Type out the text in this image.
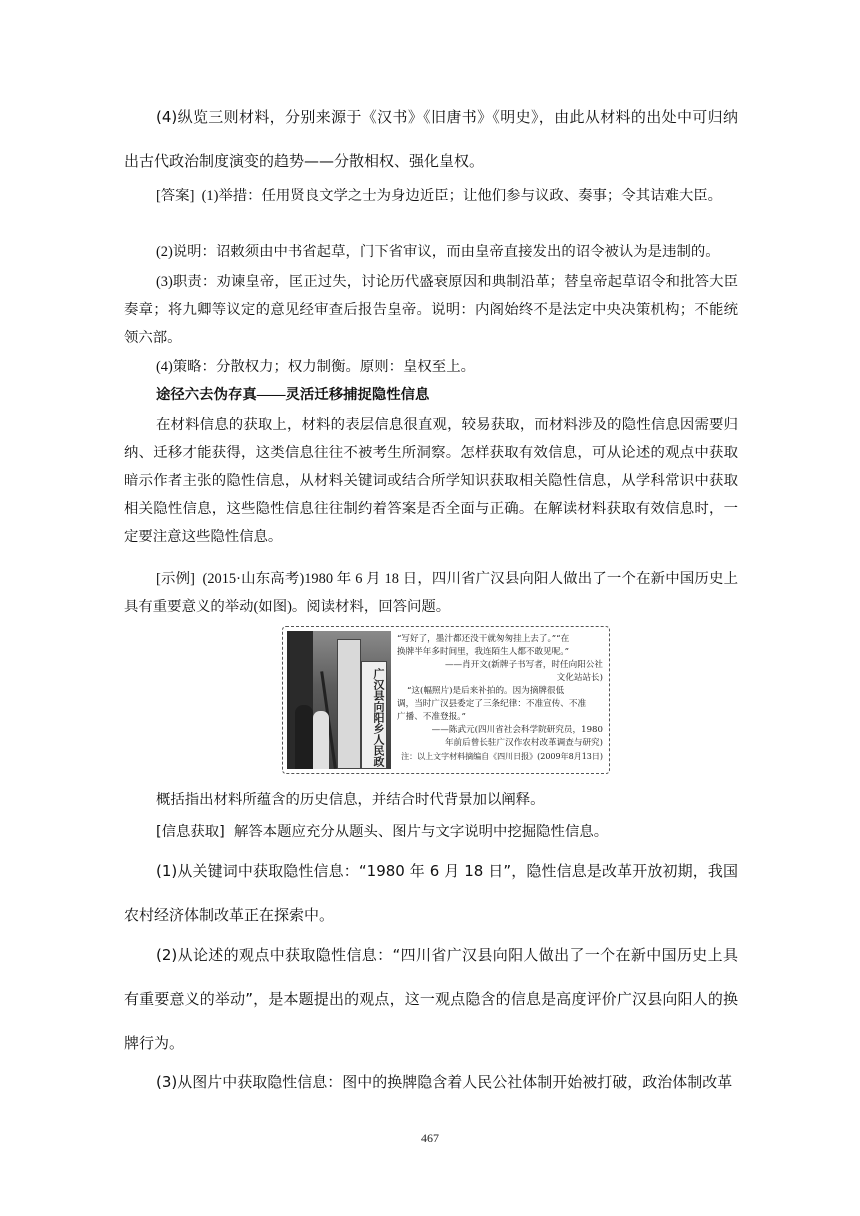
(4)纵览三则材料，分别来源于《汉书》《旧唐书》《明史》，由此从材料的出处中可归纳出古代政治制度演变的趋势——分散相权、强化皇权。

[答案] (1)举措：任用贤良文学之士为身边近臣；让他们参与议政、奏事；令其诘难大臣。

(2)说明：诏敕须由中书省起草，门下省审议，而由皇帝直接发出的诏令被认为是违制的。

(3)职责：劝谏皇帝，匡正过失，讨论历代盛衰原因和典制沿革；替皇帝起草诏令和批答大臣奏章；将九卿等议定的意见经审查后报告皇帝。说明：内阁始终不是法定中央决策机构；不能统领六部。

(4)策略：分散权力；权力制衡。原则：皇权至上。

途径六去伪存真——灵活迁移捕捉隐性信息

在材料信息的获取上，材料的表层信息很直观，较易获取，而材料涉及的隐性信息因需要归纳、迁移才能获得，这类信息往往不被考生所洞察。怎样获取有效信息，可从论述的观点中获取暗示作者主张的隐性信息，从材料关键词或结合所学知识获取相关隐性信息，从学科常识中获取相关隐性信息，这些隐性信息往往制约着答案是否全面与正确。在解读材料获取有效信息时，一定要注意这些隐性信息。

[示例] (2015·山东高考)1980 年 6 月 18 日，四川省广汉县向阳人做出了一个在新中国历史上具有重要意义的举动(如图)。阅读材料，回答问题。

广汉县向阳乡人民政
“写好了，墨汁都还没干就匆匆挂上去了。”“在
换牌半年多时间里，我连陌生人都不敢见呢。”
——肖开文(新牌子书写者，时任向阳公社
文化站站长)
“这(幅照片)是后来补拍的。因为摘牌很低
调，当时广汉县委定了三条纪律：不准宣传、不准
广播、不准登报。”
——陈武元(四川省社会科学院研究员，1980
年前后曾长驻广汉作农村改革调查与研究)
注：以上文字材料摘编自《四川日报》(2009年8月13日)

概括指出材料所蕴含的历史信息，并结合时代背景加以阐释。

[信息获取] 解答本题应充分从题头、图片与文字说明中挖掘隐性信息。

(1)从关键词中获取隐性信息：“1980 年 6 月 18 日”，隐性信息是改革开放初期，我国农村经济体制改革正在探索中。

(2)从论述的观点中获取隐性信息：“四川省广汉县向阳人做出了一个在新中国历史上具有重要意义的举动”，是本题提出的观点，这一观点隐含的信息是高度评价广汉县向阳人的换牌行为。

(3)从图片中获取隐性信息：图中的换牌隐含着人民公社体制开始被打破，政治体制改革

467
